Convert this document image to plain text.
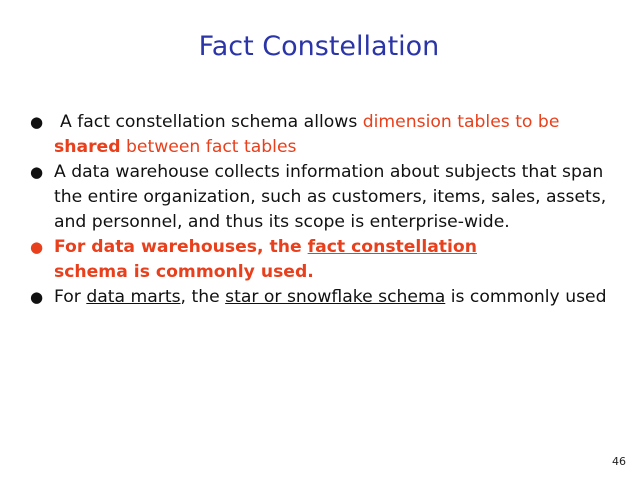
Fact Constellation
● A fact constellation schema allows dimension tables to be
shared between fact tables
● A data warehouse collects information about subjects that span the entire organization, such as customers, items, sales, assets, and personnel, and thus its scope is enterprise-wide.
● For data warehouses, the fact constellation
schema is commonly used.
● For data marts, the star or snowflake schema is commonly used
46
